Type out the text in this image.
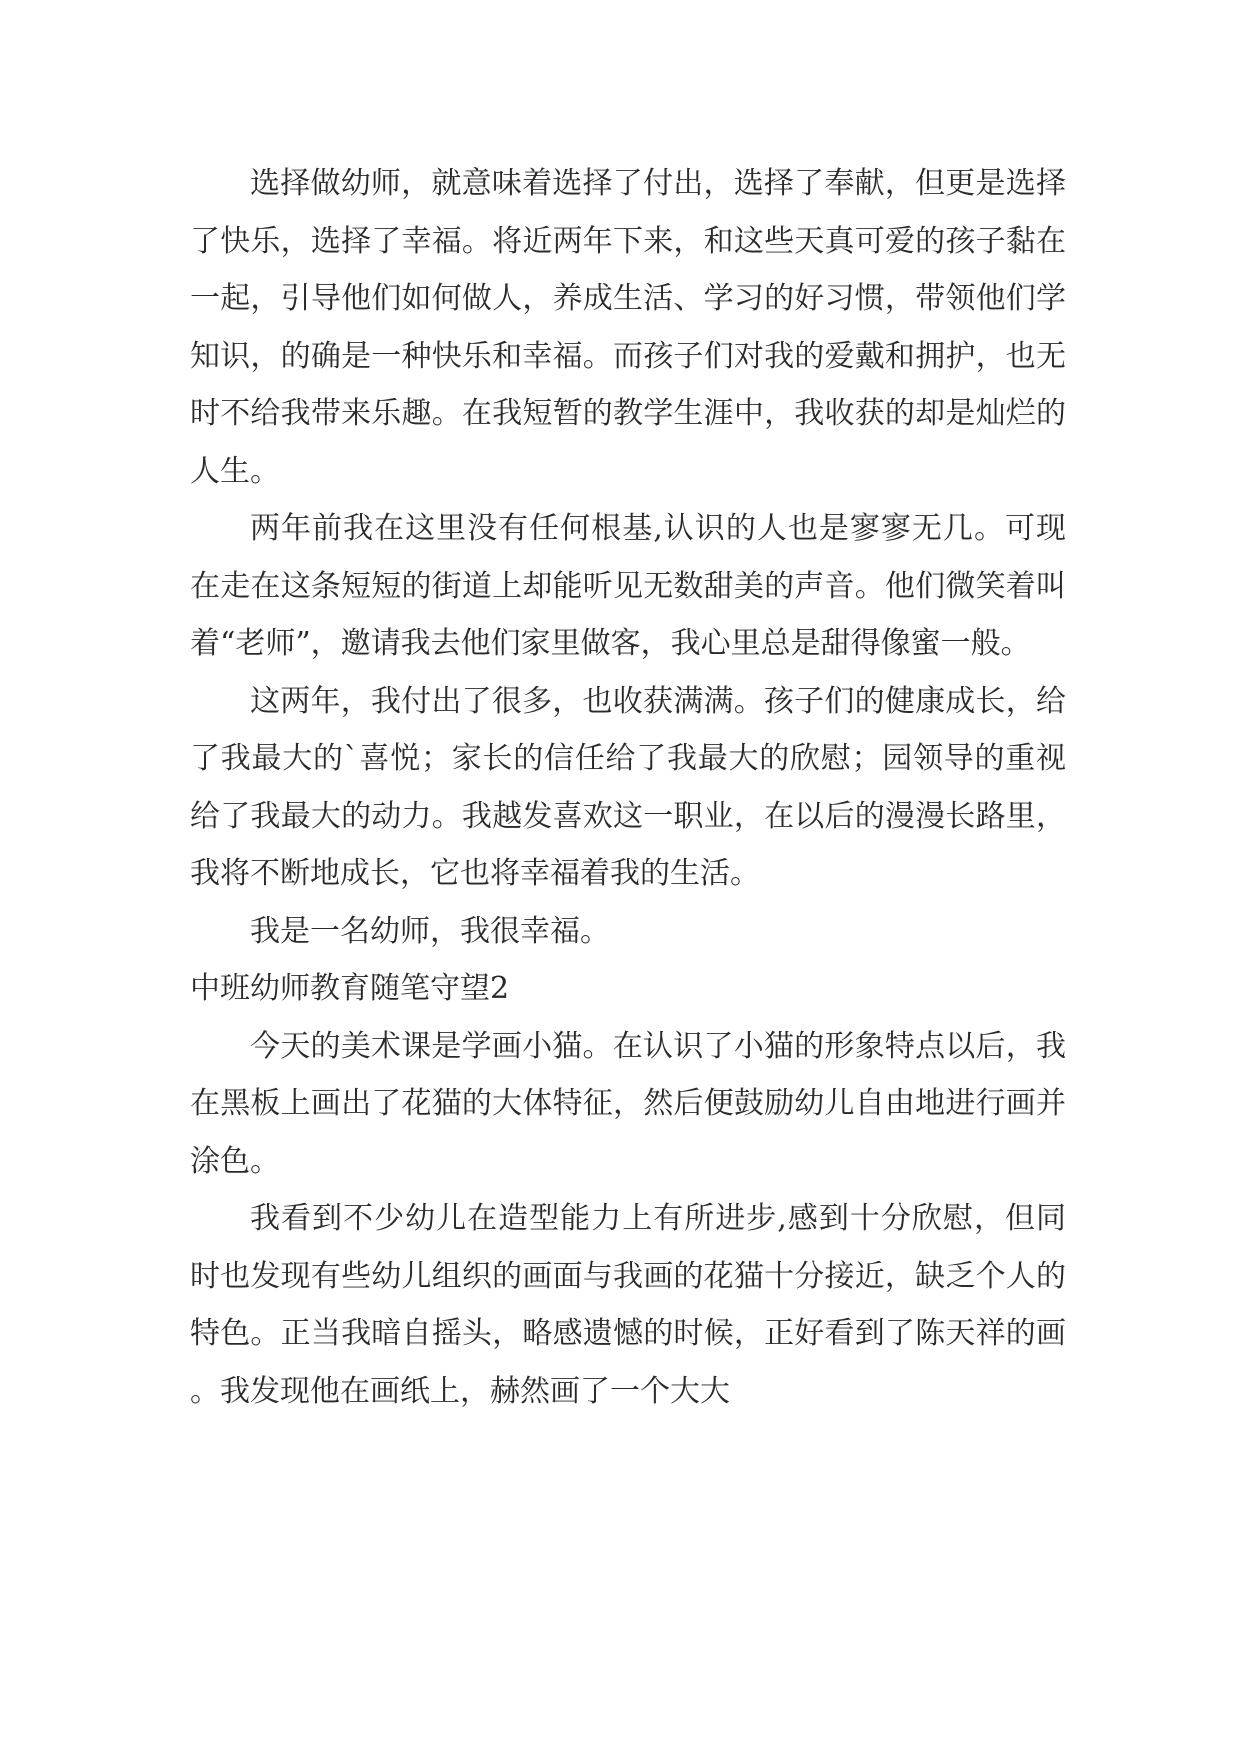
选择做幼师，就意味着选择了付出，选择了奉献，但更是选择了快乐，选择了幸福。将近两年下来，和这些天真可爱的孩子黏在一起，引导他们如何做人，养成生活、学习的好习惯，带领他们学知识，的确是一种快乐和幸福。而孩子们对我的爱戴和拥护，也无时不给我带来乐趣。在我短暂的教学生涯中，我收获的却是灿烂的人生。

两年前我在这里没有任何根基,认识的人也是寥寥无几。可现在走在这条短短的街道上却能听见无数甜美的声音。他们微笑着叫着“老师”，邀请我去他们家里做客，我心里总是甜得像蜜一般。

这两年，我付出了很多，也收获满满。孩子们的健康成长，给了我最大的`喜悦；家长的信任给了我最大的欣慰；园领导的重视给了我最大的动力。我越发喜欢这一职业，在以后的漫漫长路里，我将不断地成长，它也将幸福着我的生活。

我是一名幼师，我很幸福。

中班幼师教育随笔守望2

今天的美术课是学画小猫。在认识了小猫的形象特点以后，我在黑板上画出了花猫的大体特征，然后便鼓励幼儿自由地进行画并涂色。

我看到不少幼儿在造型能力上有所进步,感到十分欣慰，但同时也发现有些幼儿组织的画面与我画的花猫十分接近，缺乏个人的特色。正当我暗自摇头，略感遗憾的时候，正好看到了陈天祥的画。我发现他在画纸上，赫然画了一个大大
